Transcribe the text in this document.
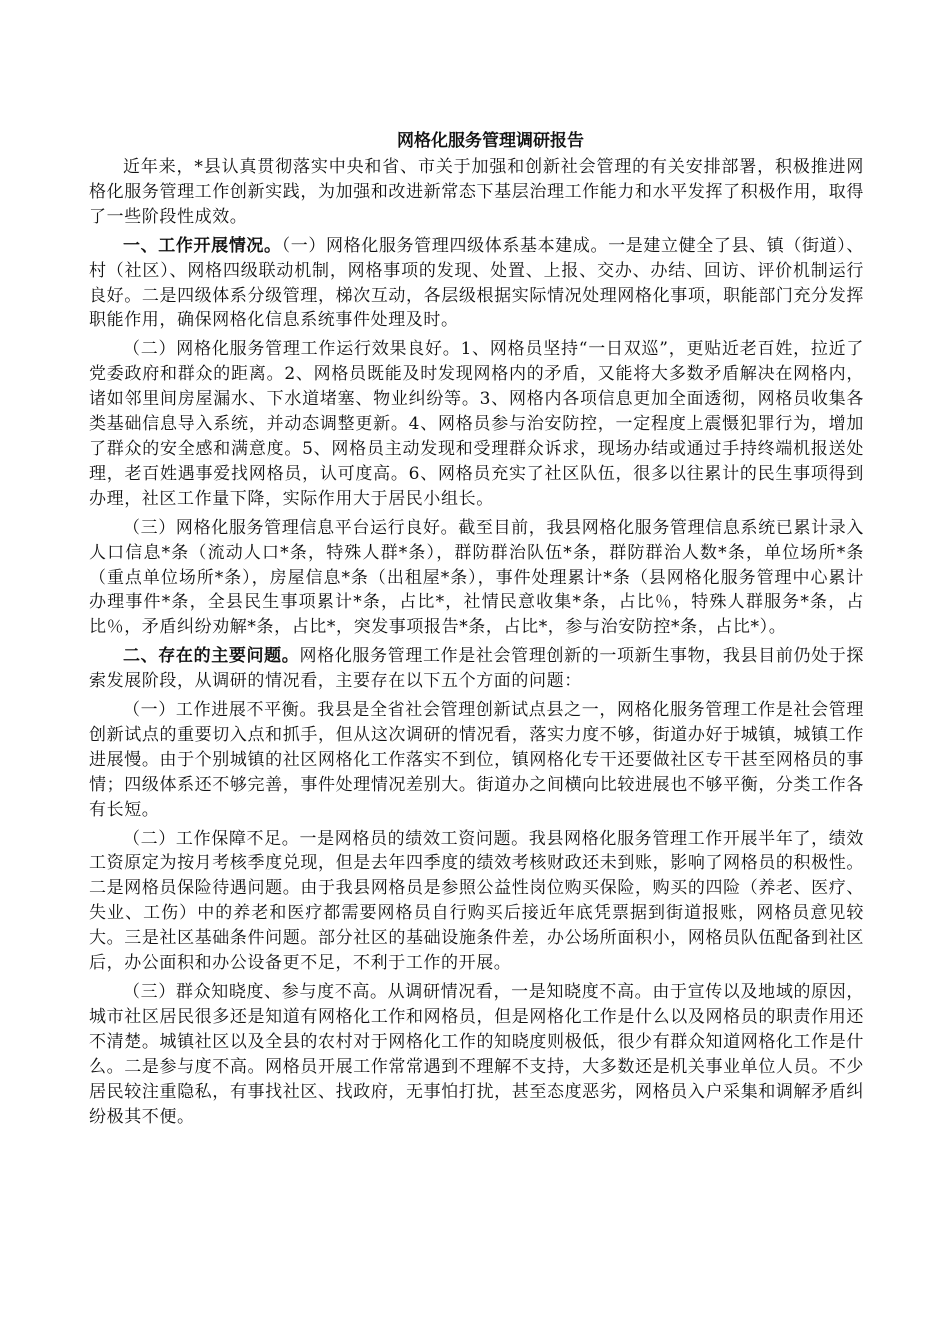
网格化服务管理调研报告

近年来，*县认真贯彻落实中央和省、市关于加强和创新社会管理的有关安排部署，积极推进网格化服务管理工作创新实践，为加强和改进新常态下基层治理工作能力和水平发挥了积极作用，取得了一些阶段性成效。

一、工作开展情况。（一）网格化服务管理四级体系基本建成。一是建立健全了县、镇（街道）、村（社区）、网格四级联动机制，网格事项的发现、处置、上报、交办、办结、回访、评价机制运行良好。二是四级体系分级管理，梯次互动，各层级根据实际情况处理网格化事项，职能部门充分发挥职能作用，确保网格化信息系统事件处理及时。

（二）网格化服务管理工作运行效果良好。1、网格员坚持“一日双巡”，更贴近老百姓，拉近了党委政府和群众的距离。2、网格员既能及时发现网格内的矛盾，又能将大多数矛盾解决在网格内，诸如邻里间房屋漏水、下水道堵塞、物业纠纷等。3、网格内各项信息更加全面透彻，网格员收集各类基础信息导入系统，并动态调整更新。4、网格员参与治安防控，一定程度上震慑犯罪行为，增加了群众的安全感和满意度。5、网格员主动发现和受理群众诉求，现场办结或通过手持终端机报送处理，老百姓遇事爱找网格员，认可度高。6、网格员充实了社区队伍，很多以往累计的民生事项得到办理，社区工作量下降，实际作用大于居民小组长。

（三）网格化服务管理信息平台运行良好。截至目前，我县网格化服务管理信息系统已累计录入人口信息*条（流动人口*条，特殊人群*条），群防群治队伍*条，群防群治人数*条，单位场所*条（重点单位场所*条），房屋信息*条（出租屋*条），事件处理累计*条（县网格化服务管理中心累计办理事件*条，全县民生事项累计*条，占比*，社情民意收集*条，占比％，特殊人群服务*条，占比％，矛盾纠纷劝解*条，占比*，突发事项报告*条，占比*，参与治安防控*条，占比*）。

二、存在的主要问题。网格化服务管理工作是社会管理创新的一项新生事物，我县目前仍处于探索发展阶段，从调研的情况看，主要存在以下五个方面的问题：

（一）工作进展不平衡。我县是全省社会管理创新试点县之一，网格化服务管理工作是社会管理创新试点的重要切入点和抓手，但从这次调研的情况看，落实力度不够，街道办好于城镇，城镇工作进展慢。由于个别城镇的社区网格化工作落实不到位，镇网格化专干还要做社区专干甚至网格员的事情；四级体系还不够完善，事件处理情况差别大。街道办之间横向比较进展也不够平衡，分类工作各有长短。

（二）工作保障不足。一是网格员的绩效工资问题。我县网格化服务管理工作开展半年了，绩效工资原定为按月考核季度兑现，但是去年四季度的绩效考核财政还未到账，影响了网格员的积极性。二是网格员保险待遇问题。由于我县网格员是参照公益性岗位购买保险，购买的四险（养老、医疗、失业、工伤）中的养老和医疗都需要网格员自行购买后接近年底凭票据到街道报账，网格员意见较大。三是社区基础条件问题。部分社区的基础设施条件差，办公场所面积小，网格员队伍配备到社区后，办公面积和办公设备更不足，不利于工作的开展。

（三）群众知晓度、参与度不高。从调研情况看，一是知晓度不高。由于宣传以及地域的原因，城市社区居民很多还是知道有网格化工作和网格员，但是网格化工作是什么以及网格员的职责作用还不清楚。城镇社区以及全县的农村对于网格化工作的知晓度则极低，很少有群众知道网格化工作是什么。二是参与度不高。网格员开展工作常常遇到不理解不支持，大多数还是机关事业单位人员。不少居民较注重隐私，有事找社区、找政府，无事怕打扰，甚至态度恶劣，网格员入户采集和调解矛盾纠纷极其不便。
